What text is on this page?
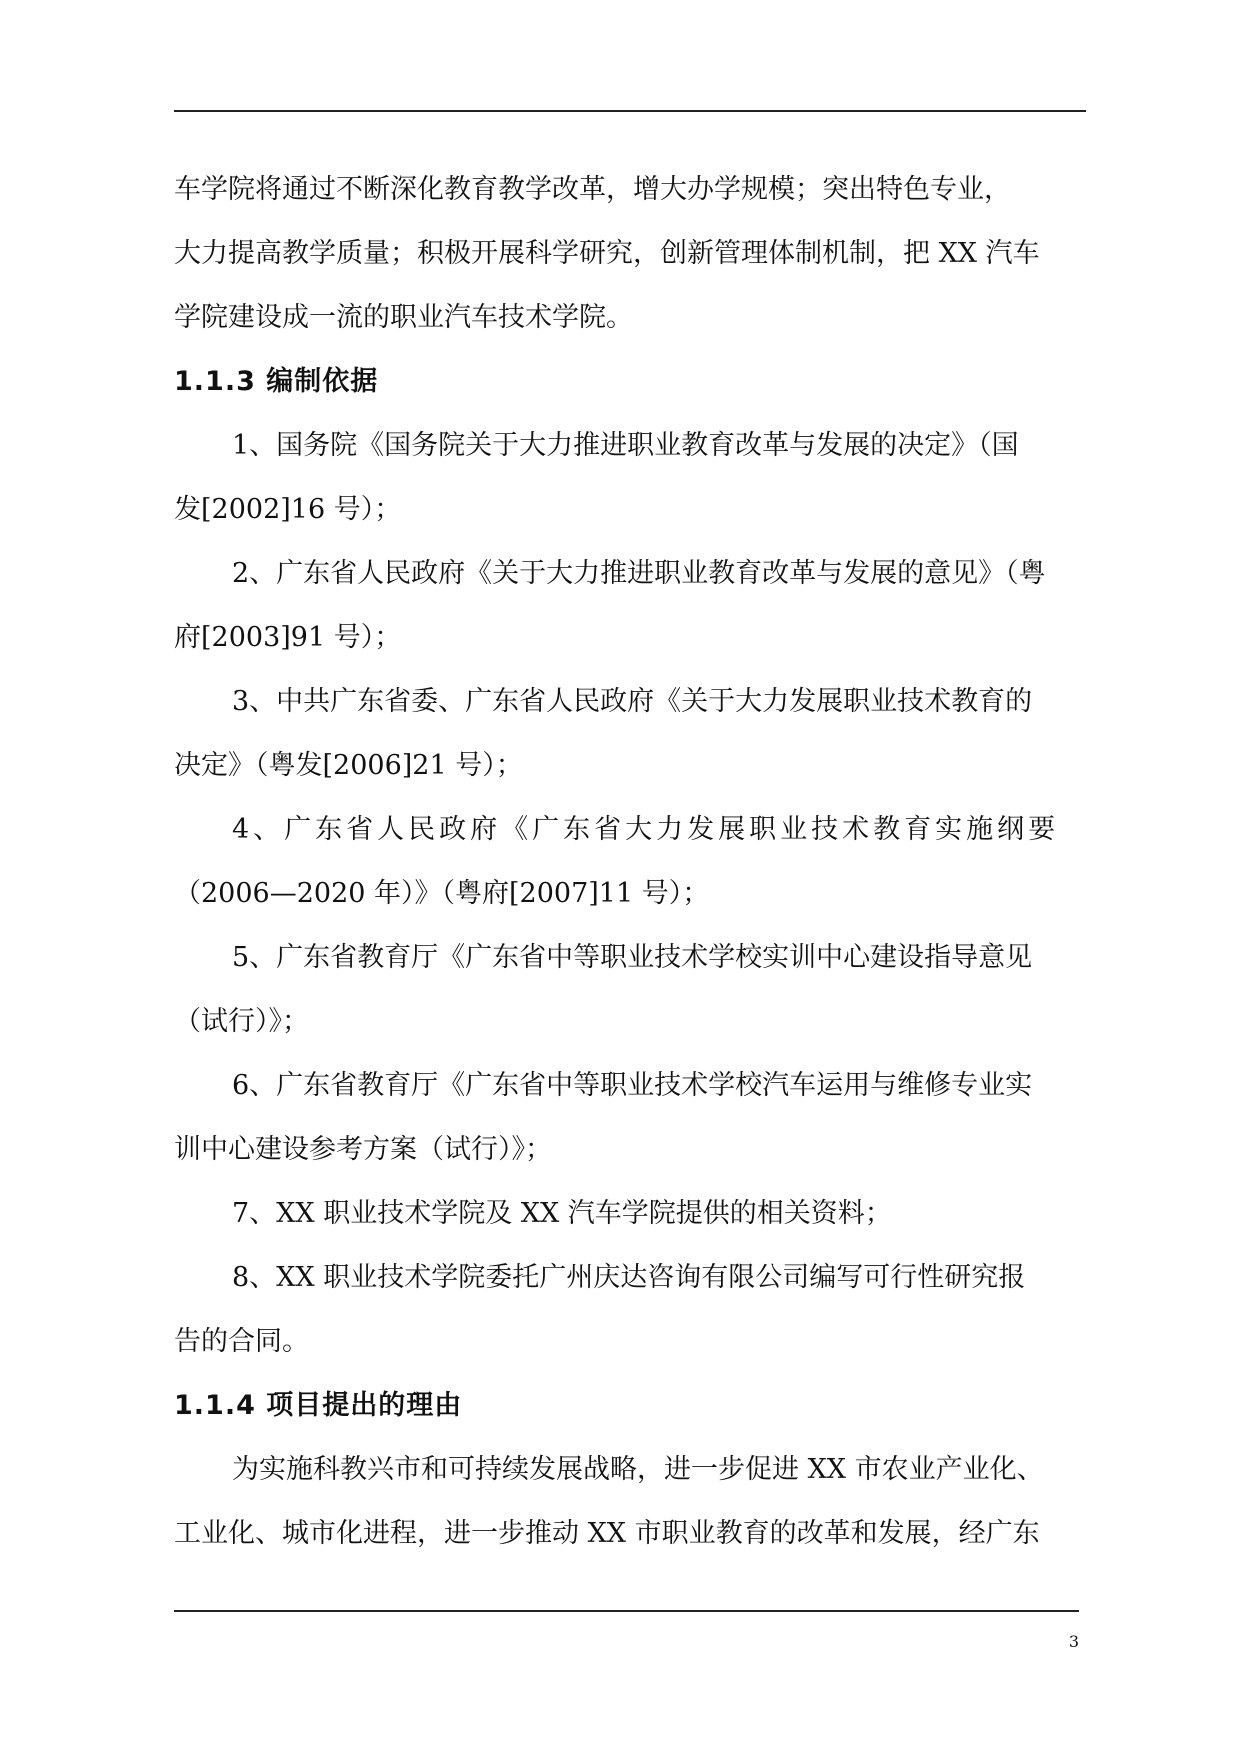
车学院将通过不断深化教育教学改革，增大办学规模；突出特色专业，
大力提高教学质量；积极开展科学研究，创新管理体制机制，把 XX 汽车
学院建设成一流的职业汽车技术学院。
1.1.3 编制依据
1、国务院《国务院关于大力推进职业教育改革与发展的决定》（国
发[2002]16 号）；
2、广东省人民政府《关于大力推进职业教育改革与发展的意见》（粤
府[2003]91 号）；
3、中共广东省委、广东省人民政府《关于大力发展职业技术教育的
决定》（粤发[2006]21 号）；
4、广东省人民政府《广东省大力发展职业技术教育实施纲要
（2006—2020 年）》（粤府[2007]11 号）；
5、广东省教育厅《广东省中等职业技术学校实训中心建设指导意见
（试行）》；
6、广东省教育厅《广东省中等职业技术学校汽车运用与维修专业实
训中心建设参考方案（试行）》；
7、XX 职业技术学院及 XX 汽车学院提供的相关资料；
8、XX 职业技术学院委托广州庆达咨询有限公司编写可行性研究报
告的合同。
1.1.4 项目提出的理由
为实施科教兴市和可持续发展战略，进一步促进 XX 市农业产业化、
工业化、城市化进程，进一步推动 XX 市职业教育的改革和发展，经广东
3
